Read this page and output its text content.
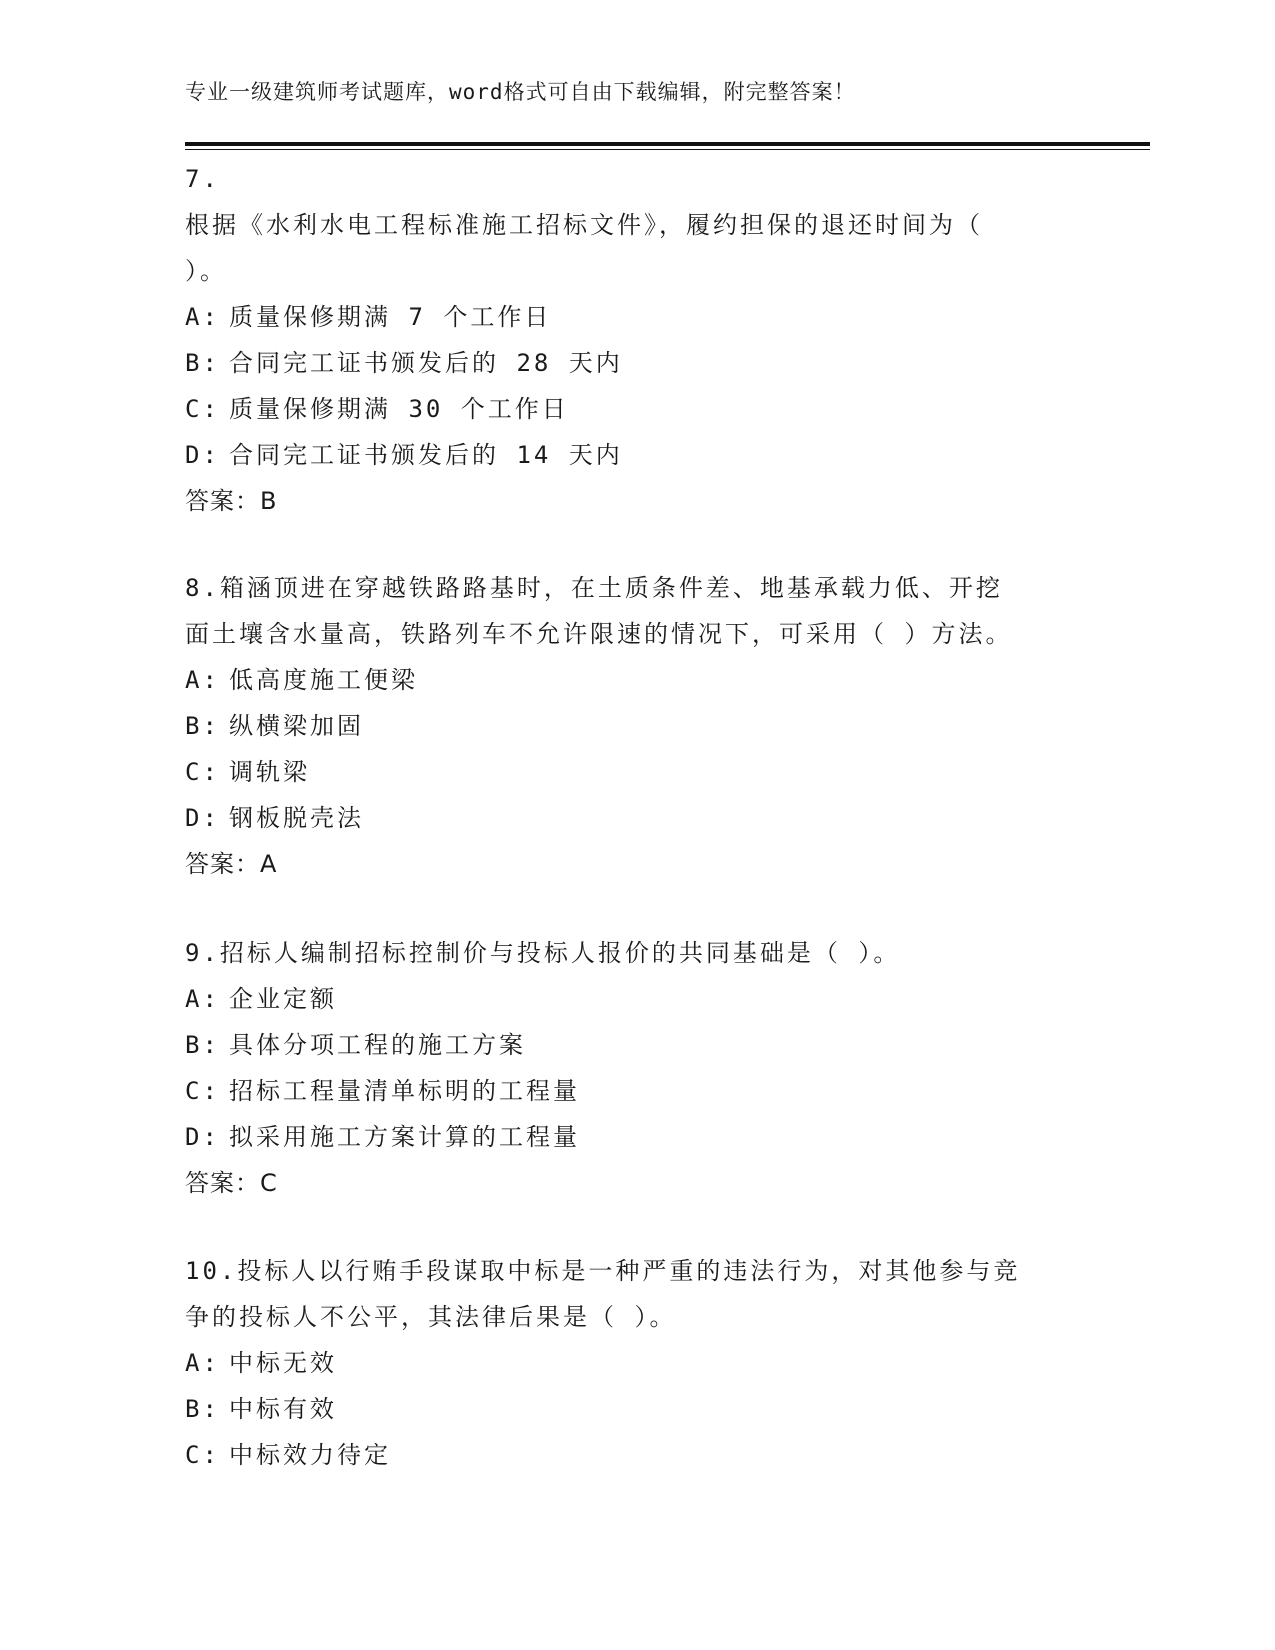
专业一级建筑师考试题库，word格式可自由下载编辑，附完整答案！
7.
根据《水利水电工程标准施工招标文件》，履约担保的退还时间为（
）。
A: 质量保修期满 7 个工作日
B: 合同完工证书颁发后的 28 天内
C: 质量保修期满 30 个工作日
D: 合同完工证书颁发后的 14 天内
答案：B
8.箱涵顶进在穿越铁路路基时，在土质条件差、地基承载力低、开挖
面土壤含水量高，铁路列车不允许限速的情况下，可采用（ ）方法。
A: 低高度施工便梁
B: 纵横梁加固
C: 调轨梁
D: 钢板脱壳法
答案：A
9.招标人编制招标控制价与投标人报价的共同基础是（ ）。
A: 企业定额
B: 具体分项工程的施工方案
C: 招标工程量清单标明的工程量
D: 拟采用施工方案计算的工程量
答案：C
10.投标人以行贿手段谋取中标是一种严重的违法行为，对其他参与竞
争的投标人不公平，其法律后果是（ ）。
A: 中标无效
B: 中标有效
C: 中标效力待定
